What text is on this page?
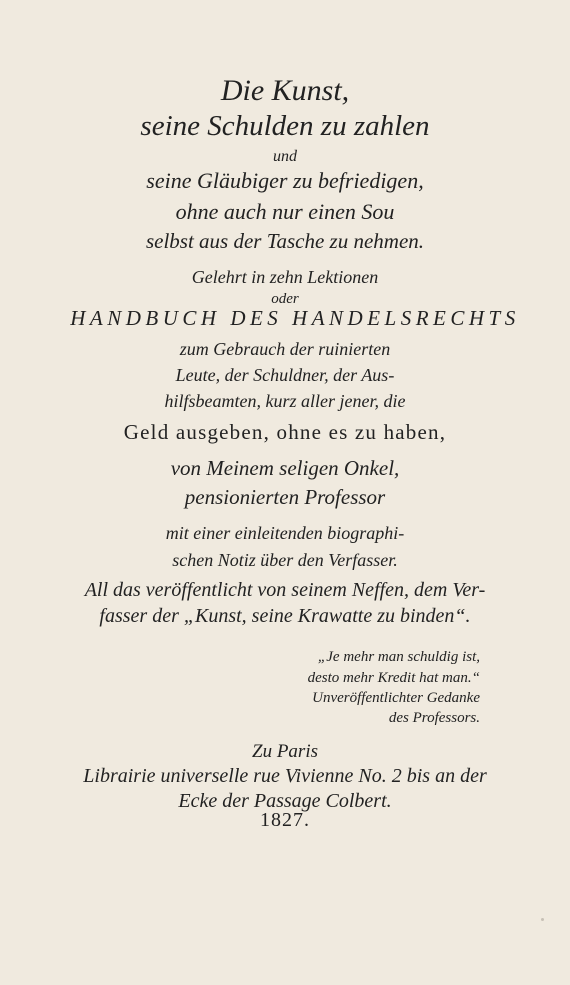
Die Kunst,
seine Schulden zu zahlen
und
seine Gläubiger zu befriedigen,
ohne auch nur einen Sou
selbst aus der Tasche zu nehmen.
Gelehrt in zehn Lektionen
oder
HANDBUCH DES HANDELSRECHTS
zum Gebrauch der ruinierten
Leute, der Schuldner, der Aus-
hilfsbeamten, kurz aller jener, die
Geld ausgeben, ohne es zu haben,
von Meinem seligen Onkel,
pensionierten Professor
mit einer einleitenden biographi-
schen Notiz über den Verfasser.
All das veröffentlicht von seinem Neffen, dem Ver-
fasser der „Kunst, seine Krawatte zu binden“.
„Je mehr man schuldig ist,
desto mehr Kredit hat man.“
Unveröffentlichter Gedanke
des Professors.
Zu Paris
Librairie universelle rue Vivienne No. 2 bis an der
Ecke der Passage Colbert.
1827.
